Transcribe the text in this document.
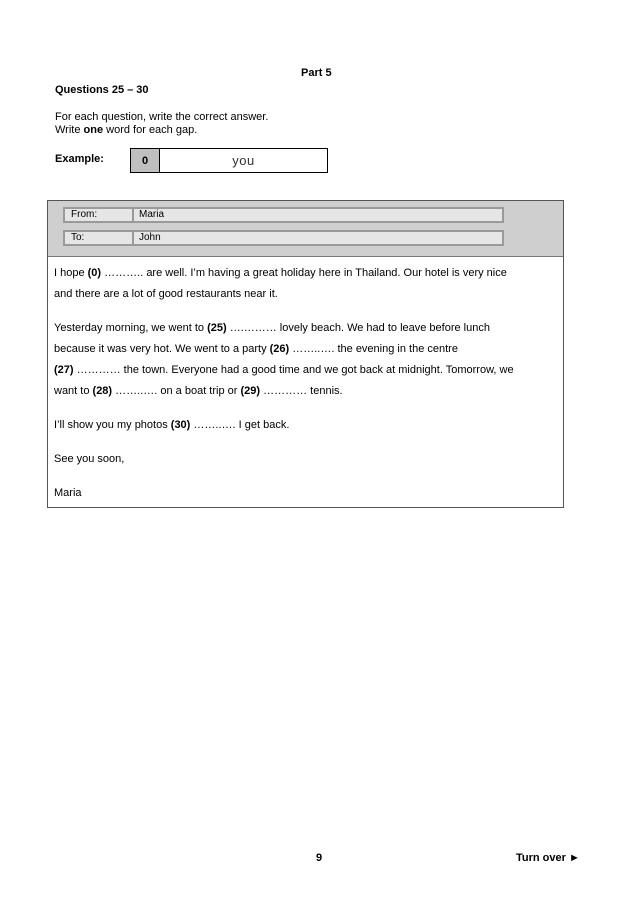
Part 5
Questions 25 – 30
For each question, write the correct answer.
Write one word for each gap.
Example:	0	you
From:	Maria
To:	John

I hope (0) ……….. are well. I’m having a great holiday here in Thailand. Our hotel is very nice
and there are a lot of good restaurants near it.

Yesterday morning, we went to (25) ….……… lovely beach. We had to leave before lunch
because it was very hot. We went to a party (26) ……..…. the evening in the centre
(27) ………… the town. Everyone had a good time and we got back at midnight. Tomorrow, we
want to (28) ……..…. on a boat trip or (29) ………… tennis.

I’ll show you my photos (30) ……..…. I get back.

See you soon,

Maria

9	Turn over ►
